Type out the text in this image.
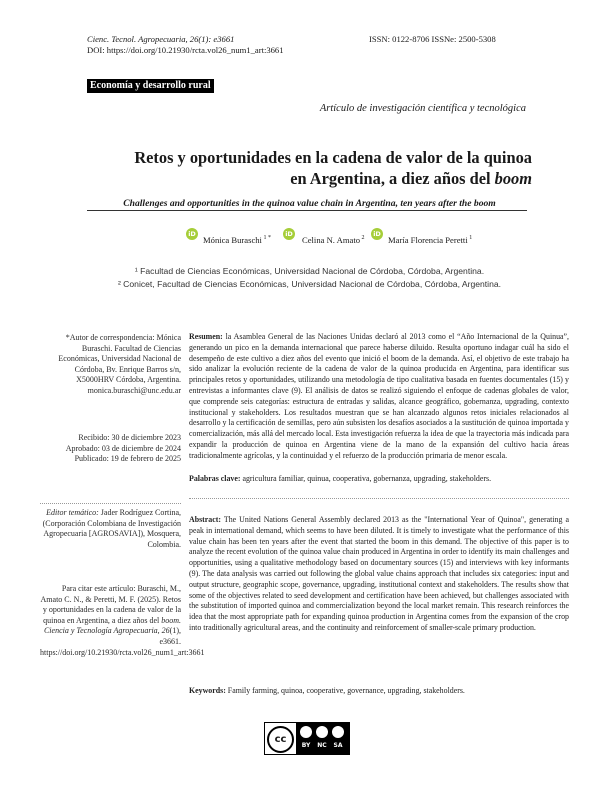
Cienc. Tecnol. Agropecuaria, 26(1): e3661
DOI: https://doi.org/10.21930/rcta.vol26_num1_art:3661
ISSN: 0122-8706 ISSNe: 2500-5308
Economía y desarrollo rural
Artículo de investigación científica y tecnológica
Retos y oportunidades en la cadena de valor de la quinoa
en Argentina, a diez años del boom
Challenges and opportunities in the quinoa value chain in Argentina, ten years after the boom
iD
Mónica Buraschi $^{1 *}$
iD
Celina N. Amato $^2$
iD
María Florencia Peretti $^1$
¹ Facultad de Ciencias Económicas, Universidad Nacional de Córdoba, Córdoba, Argentina.
² Conicet, Facultad de Ciencias Económicas, Universidad Nacional de Córdoba, Córdoba, Argentina.
*Autor de correspondencia: Mónica Buraschi. Facultad de Ciencias Económicas, Universidad Nacional de Córdoba, Bv. Enrique Barros s/n, X5000HRV Córdoba, Argentina. monica.buraschi@unc.edu.ar
Recibido: 30 de diciembre 2023
Aprobado: 03 de diciembre de 2024
Publicado: 19 de febrero de 2025
Editor temático: Jader Rodríguez Cortina, (Corporación Colombiana de Investigación Agropecuaria [AGROSAVIA]), Mosquera, Colombia.
Para citar este artículo: Buraschi, M., Amato C. N., & Peretti, M. F. (2025). Retos y oportunidades en la cadena de valor de la quinoa en Argentina, a diez años del boom. Ciencia y Tecnología Agropecuaria, 26(1), e3661. https://doi.org/10.21930/rcta.vol26_num1_art:3661
Resumen: la Asamblea General de las Naciones Unidas declaró al 2013 como el “Año Internacional de la Quinua”, generando un pico en la demanda internacional que parece haberse diluido. Resulta oportuno indagar cuál ha sido el desempeño de este cultivo a diez años del evento que inició el boom de la demanda. Así, el objetivo de este trabajo ha sido analizar la evolución reciente de la cadena de valor de la quinoa producida en Argentina, para identificar sus principales retos y oportunidades, utilizando una metodología de tipo cualitativa basada en fuentes documentales (15) y entrevistas a informantes clave (9). El análisis de datos se realizó siguiendo el enfoque de cadenas globales de valor, que comprende seis categorías: estructura de entradas y salidas, alcance geográfico, gobernanza, upgrading, contexto institucional y stakeholders. Los resultados muestran que se han alcanzado algunos retos iniciales relacionados al desarrollo y la certificación de semillas, pero aún subsisten los desafíos asociados a la sustitución de quinoa importada y comercialización, más allá del mercado local. Esta investigación refuerza la idea de que la trayectoria más indicada para expandir la producción de quinoa en Argentina viene de la mano de la expansión del cultivo hacia áreas tradicionalmente agrícolas, y la continuidad y el refuerzo de la producción primaria de menor escala.
Palabras clave: agricultura familiar, quinua, cooperativa, gobernanza, upgrading, stakeholders.
Abstract: The United Nations General Assembly declared 2013 as the "International Year of Quinoa", generating a peak in international demand, which seems to have been diluted. It is timely to investigate what the performance of this value chain has been ten years after the event that started the boom in this demand. The objective of this paper is to analyze the recent evolution of the quinoa value chain produced in Argentina in order to identify its main challenges and opportunities, using a qualitative methodology based on documentary sources (15) and interviews with key informants (9). The data analysis was carried out following the global value chains approach that includes six categories: input and output structure, geographic scope, governance, upgrading, institutional context and stakeholders. The results show that some of the objectives related to seed development and certification have been achieved, but challenges associated with the substitution of imported quinoa and commercialization beyond the local market remain. This research reinforces the idea that the most appropriate path for expanding quinoa production in Argentina comes from the expansion of the crop into traditionally agricultural areas, and the continuity and reinforcement of smaller-scale primary production.
Keywords: Family farming, quinoa, cooperative, governance, upgrading, stakeholders.
cc
BY	NC	SA
